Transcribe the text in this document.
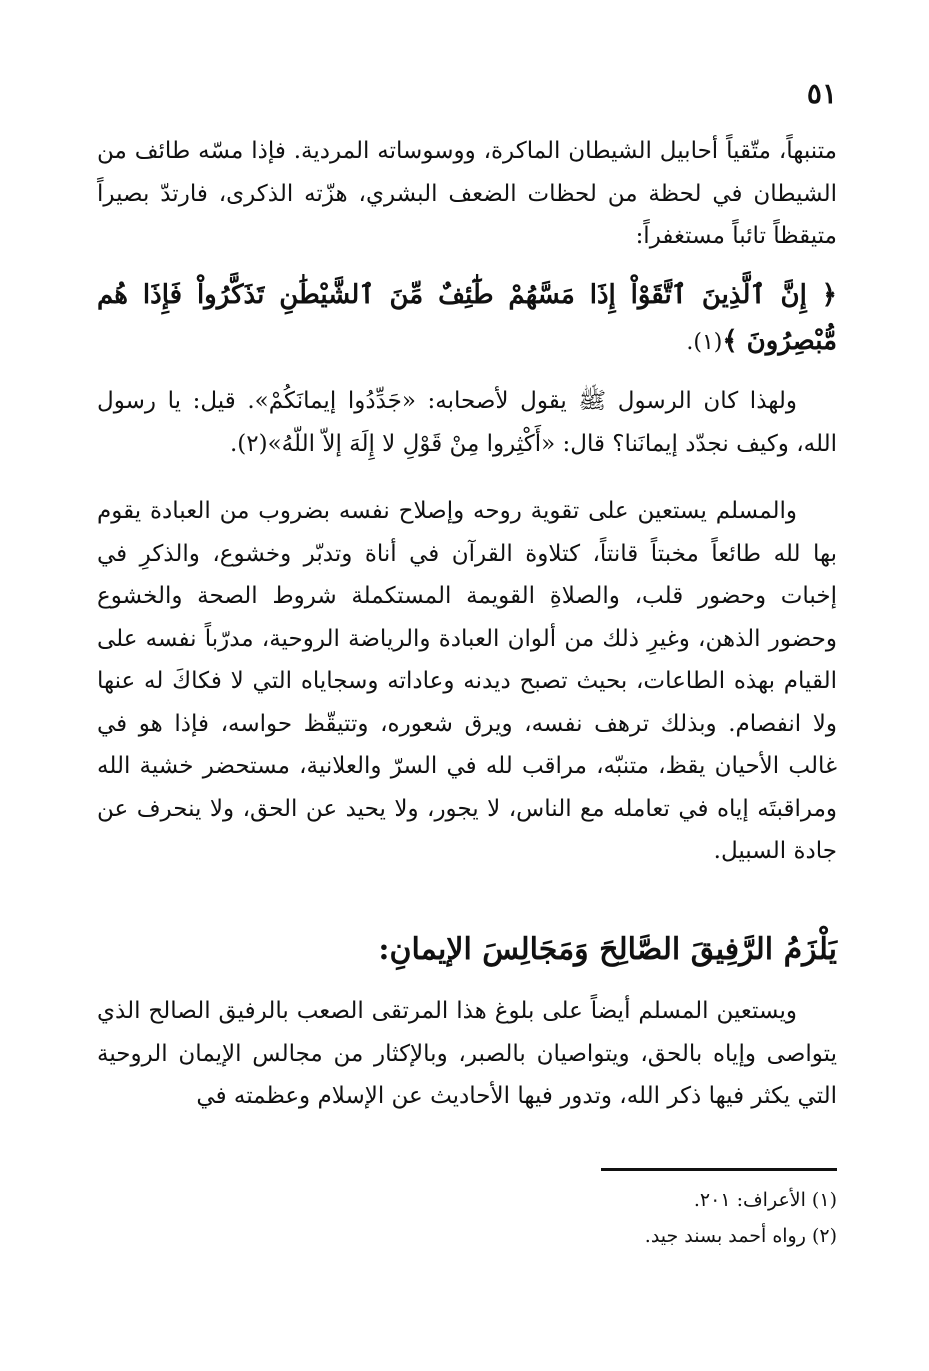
٥١

متنبهاً، متّقياً أحابيل الشيطان الماكرة، ووسوساته المردية. فإذا مسّه طائف من الشيطان في لحظة من لحظات الضعف البشري، هزّته الذكرى، فارتدّ بصيراً متيقظاً تائباً مستغفراً:

﴿ إِنَّ ٱلَّذِينَ ٱتَّقَوْاْ إِذَا مَسَّهُمْ طَٰٓئِفٌ مِّنَ ٱلشَّيْطَٰنِ تَذَكَّرُواْ فَإِذَا هُم مُّبْصِرُونَ ﴾(١).

ولهذا كان الرسول ﷺ يقول لأصحابه: «جَدِّدُوا إيمانَكُمْ». قيل: يا رسول الله، وكيف نجدّد إيمانَنا؟ قال: «أَكْثِروا مِنْ قَوْلِ لا إِلَهَ إلاّ اللّهُ»(٢).

والمسلم يستعين على تقوية روحه وإصلاح نفسه بضروب من العبادة يقوم بها لله طائعاً مخبتاً قانتاً، كتلاوة القرآن في أناة وتدبّر وخشوع، والذكرِ في إخبات وحضور قلب، والصلاةِ القويمة المستكملة شروط الصحة والخشوع وحضور الذهن، وغيرِ ذلك من ألوان العبادة والرياضة الروحية، مدرّباً نفسه على القيام بهذه الطاعات، بحيث تصبح ديدنه وعاداته وسجاياه التي لا فكاكَ له عنها ولا انفصام. وبذلك ترهف نفسه، ويرق شعوره، وتتيقّظ حواسه، فإذا هو في غالب الأحيان يقظ، متنبّه، مراقب لله في السرّ والعلانية، مستحضر خشية الله ومراقبتَه إياه في تعامله مع الناس، لا يجور، ولا يحيد عن الحق، ولا ينحرف عن جادة السبيل.

يَلْزَمُ الرَّفِيقَ الصَّالِحَ وَمَجَالِسَ الإيمانِ:

ويستعين المسلم أيضاً على بلوغ هذا المرتقى الصعب بالرفيق الصالح الذي يتواصى وإياه بالحق، ويتواصيان بالصبر، وبالإكثار من مجالس الإيمان الروحية التي يكثر فيها ذكر الله، وتدور فيها الأحاديث عن الإسلام وعظمته في

(١) الأعراف: ٢٠١.

(٢) رواه أحمد بسند جيد.
